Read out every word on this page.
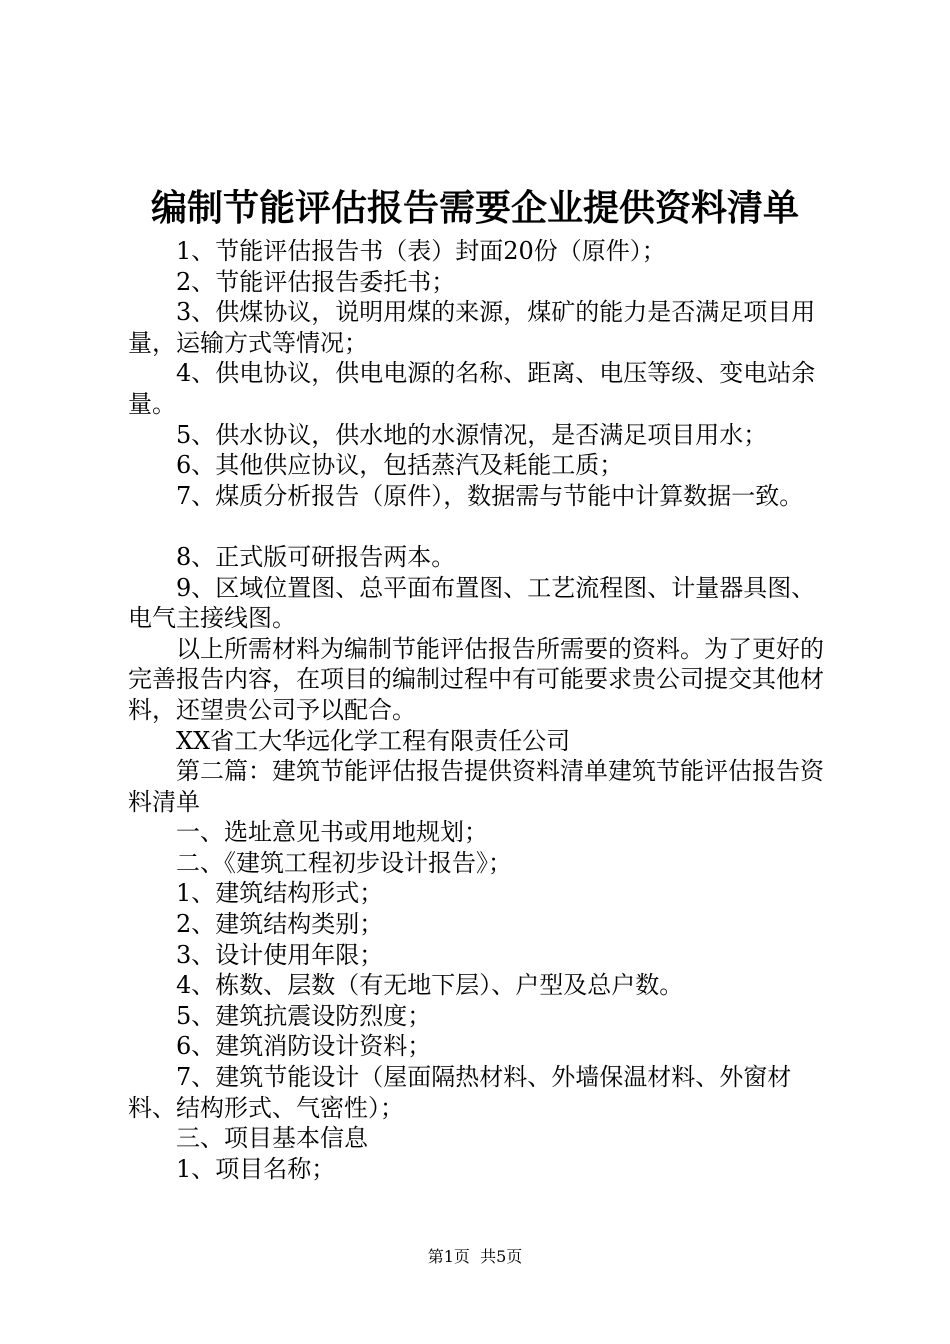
编制节能评估报告需要企业提供资料清单

1、节能评估报告书（表）封面20份（原件）；

2、节能评估报告委托书；

3、供煤协议，说明用煤的来源，煤矿的能力是否满足项目用量，运输方式等情况；

4、供电协议，供电电源的名称、距离、电压等级、变电站余量。

5、供水协议，供水地的水源情况，是否满足项目用水；

6、其他供应协议，包括蒸汽及耗能工质；

7、煤质分析报告（原件），数据需与节能中计算数据一致。

8、正式版可研报告两本。

9、区域位置图、总平面布置图、工艺流程图、计量器具图、电气主接线图。

以上所需材料为编制节能评估报告所需要的资料。为了更好的完善报告内容，在项目的编制过程中有可能要求贵公司提交其他材料，还望贵公司予以配合。

XX省工大华远化学工程有限责任公司

第二篇：建筑节能评估报告提供资料清单建筑节能评估报告资料清单

一、选址意见书或用地规划；

二、《建筑工程初步设计报告》；

1、建筑结构形式；

2、建筑结构类别；

3、设计使用年限；

4、栋数、层数（有无地下层）、户型及总户数。

5、建筑抗震设防烈度；

6、建筑消防设计资料；

7、建筑节能设计（屋面隔热材料、外墙保温材料、外窗材料、结构形式、气密性）；

三、项目基本信息

1、项目名称；

第1页  共5页
